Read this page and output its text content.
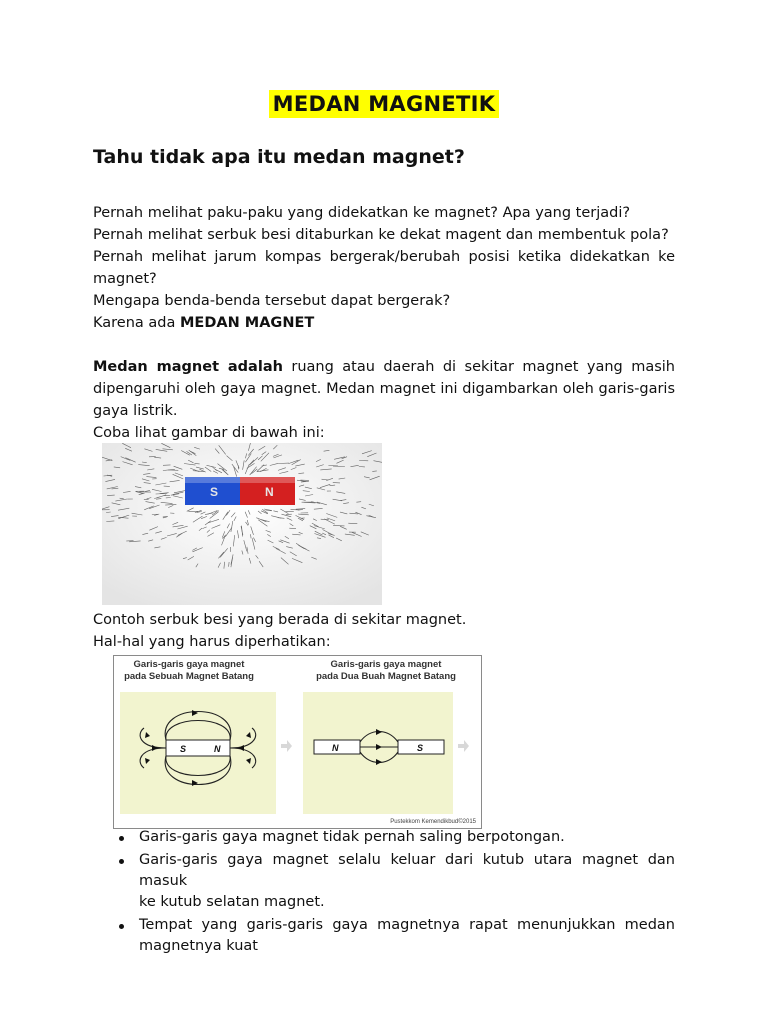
MEDAN MAGNETIK
Tahu tidak apa itu medan magnet?
Pernah melihat paku-paku yang didekatkan ke magnet? Apa yang terjadi?
Pernah melihat serbuk besi ditaburkan ke dekat magent dan membentuk pola?
Pernah melihat jarum kompas bergerak/berubah posisi ketika didekatkan ke
magnet?
Mengapa benda-benda tersebut dapat bergerak?
Karena ada MEDAN MAGNET
Medan magnet adalah ruang atau daerah di sekitar magnet yang masih
dipengaruhi oleh gaya magnet. Medan magnet ini digambarkan oleh garis-garis
gaya listrik.
Coba lihat gambar di bawah ini:
S	N
Contoh serbuk besi yang berada di sekitar magnet.
Hal-hal yang harus diperhatikan:
Garis-garis gaya magnet
pada Sebuah Magnet Batang
Garis-garis gaya magnet
pada Dua Buah Magnet Batang
S	N	N	S
Pustekkom Kemendikbud©2015
Garis-garis gaya magnet tidak pernah saling berpotongan.
Garis-garis gaya magnet selalu keluar dari kutub utara magnet dan masuk
ke kutub selatan magnet.
Tempat yang garis-garis gaya magnetnya rapat menunjukkan medan
magnetnya kuat
